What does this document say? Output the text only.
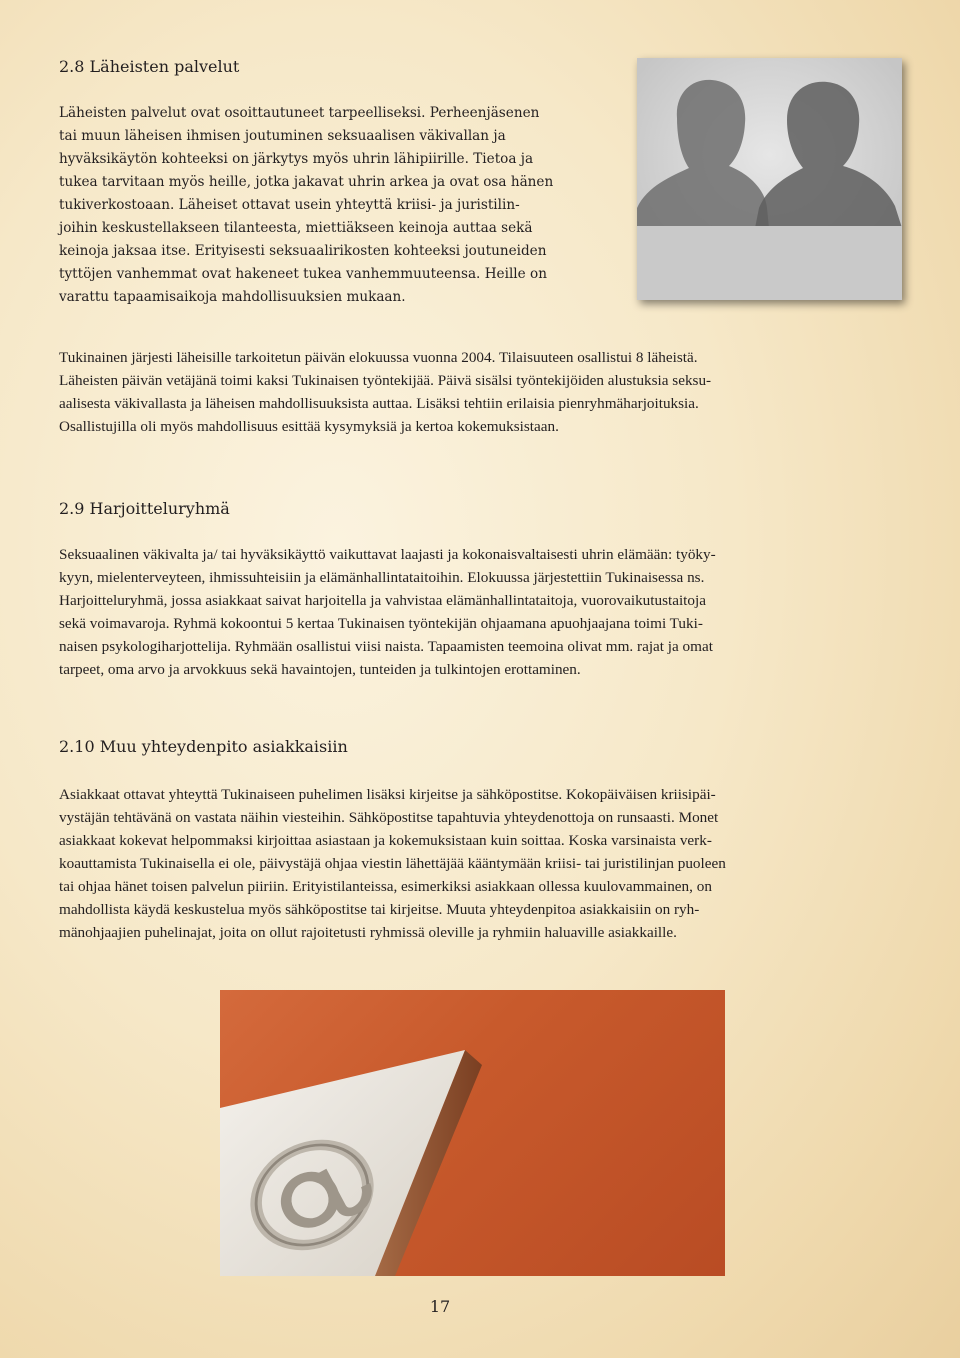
2.8 Läheisten palvelut

Läheisten palvelut ovat osoittautuneet tarpeelliseksi. Perheenjäsenen
tai muun läheisen ihmisen joutuminen seksuaalisen väkivallan ja
hyväksikäytön kohteeksi on järkytys myös uhrin lähipiirille. Tietoa ja
tukea tarvitaan myös heille, jotka jakavat uhrin arkea ja ovat osa hänen
tukiverkostoaan. Läheiset ottavat usein yhteyttä kriisi- ja juristilin-
joihin keskustellakseen tilanteesta, miettiäkseen keinoja auttaa sekä
keinoja jaksaa itse. Erityisesti seksuaalirikosten kohteeksi joutuneiden
tyttöjen vanhemmat ovat hakeneet tukea vanhemmuuteensa. Heille on
varattu tapaamisaikoja mahdollisuuksien mukaan.

Tukinainen järjesti läheisille tarkoitetun päivän elokuussa vuonna 2004. Tilaisuuteen osallistui 8 läheistä.
Läheisten päivän vetäjänä toimi kaksi Tukinaisen työntekijää. Päivä sisälsi työntekijöiden alustuksia seksu-
aalisesta väkivallasta ja läheisen mahdollisuuksista auttaa. Lisäksi tehtiin erilaisia pienryhmäharjoituksia.
Osallistujilla oli myös mahdollisuus esittää kysymyksiä ja kertoa kokemuksistaan.

2.9 Harjoitteluryhmä

Seksuaalinen väkivalta ja/ tai hyväksikäyttö vaikuttavat laajasti ja kokonaisvaltaisesti uhrin elämään: työky-
kyyn, mielenterveyteen, ihmissuhteisiin ja elämänhallintataitoihin. Elokuussa järjestettiin Tukinaisessa ns.
Harjoitteluryhmä, jossa asiakkaat saivat harjoitella ja vahvistaa elämänhallintataitoja, vuorovaikutustaitoja
sekä voimavaroja. Ryhmä kokoontui 5 kertaa Tukinaisen työntekijän ohjaamana apuohjaajana toimi Tuki-
naisen psykologiharjottelija. Ryhmään osallistui viisi naista. Tapaamisten teemoina olivat mm. rajat ja omat
tarpeet, oma arvo ja arvokkuus sekä havaintojen, tunteiden ja tulkintojen erottaminen.

2.10 Muu yhteydenpito asiakkaisiin

Asiakkaat ottavat yhteyttä Tukinaiseen puhelimen lisäksi kirjeitse ja sähköpostitse. Kokopäiväisen kriisipäi-
vystäjän tehtävänä on vastata näihin viesteihin. Sähköpostitse tapahtuvia yhteydenottoja on runsaasti. Monet
asiakkaat kokevat helpommaksi kirjoittaa asiastaan ja kokemuksistaan kuin soittaa. Koska varsinaista verk-
koauttamista Tukinaisella ei ole, päivystäjä ohjaa viestin lähettäjää kääntymään kriisi- tai juristilinjan puoleen
tai ohjaa hänet toisen palvelun piiriin. Erityistilanteissa, esimerkiksi asiakkaan ollessa kuulovammainen, on
mahdollista käydä keskustelua myös sähköpostitse tai kirjeitse. Muuta yhteydenpitoa asiakkaisiin on ryh-
mänohjaajien puhelinajat, joita on ollut rajoitetusti ryhmissä oleville ja ryhmiin haluaville asiakkaille.

17
